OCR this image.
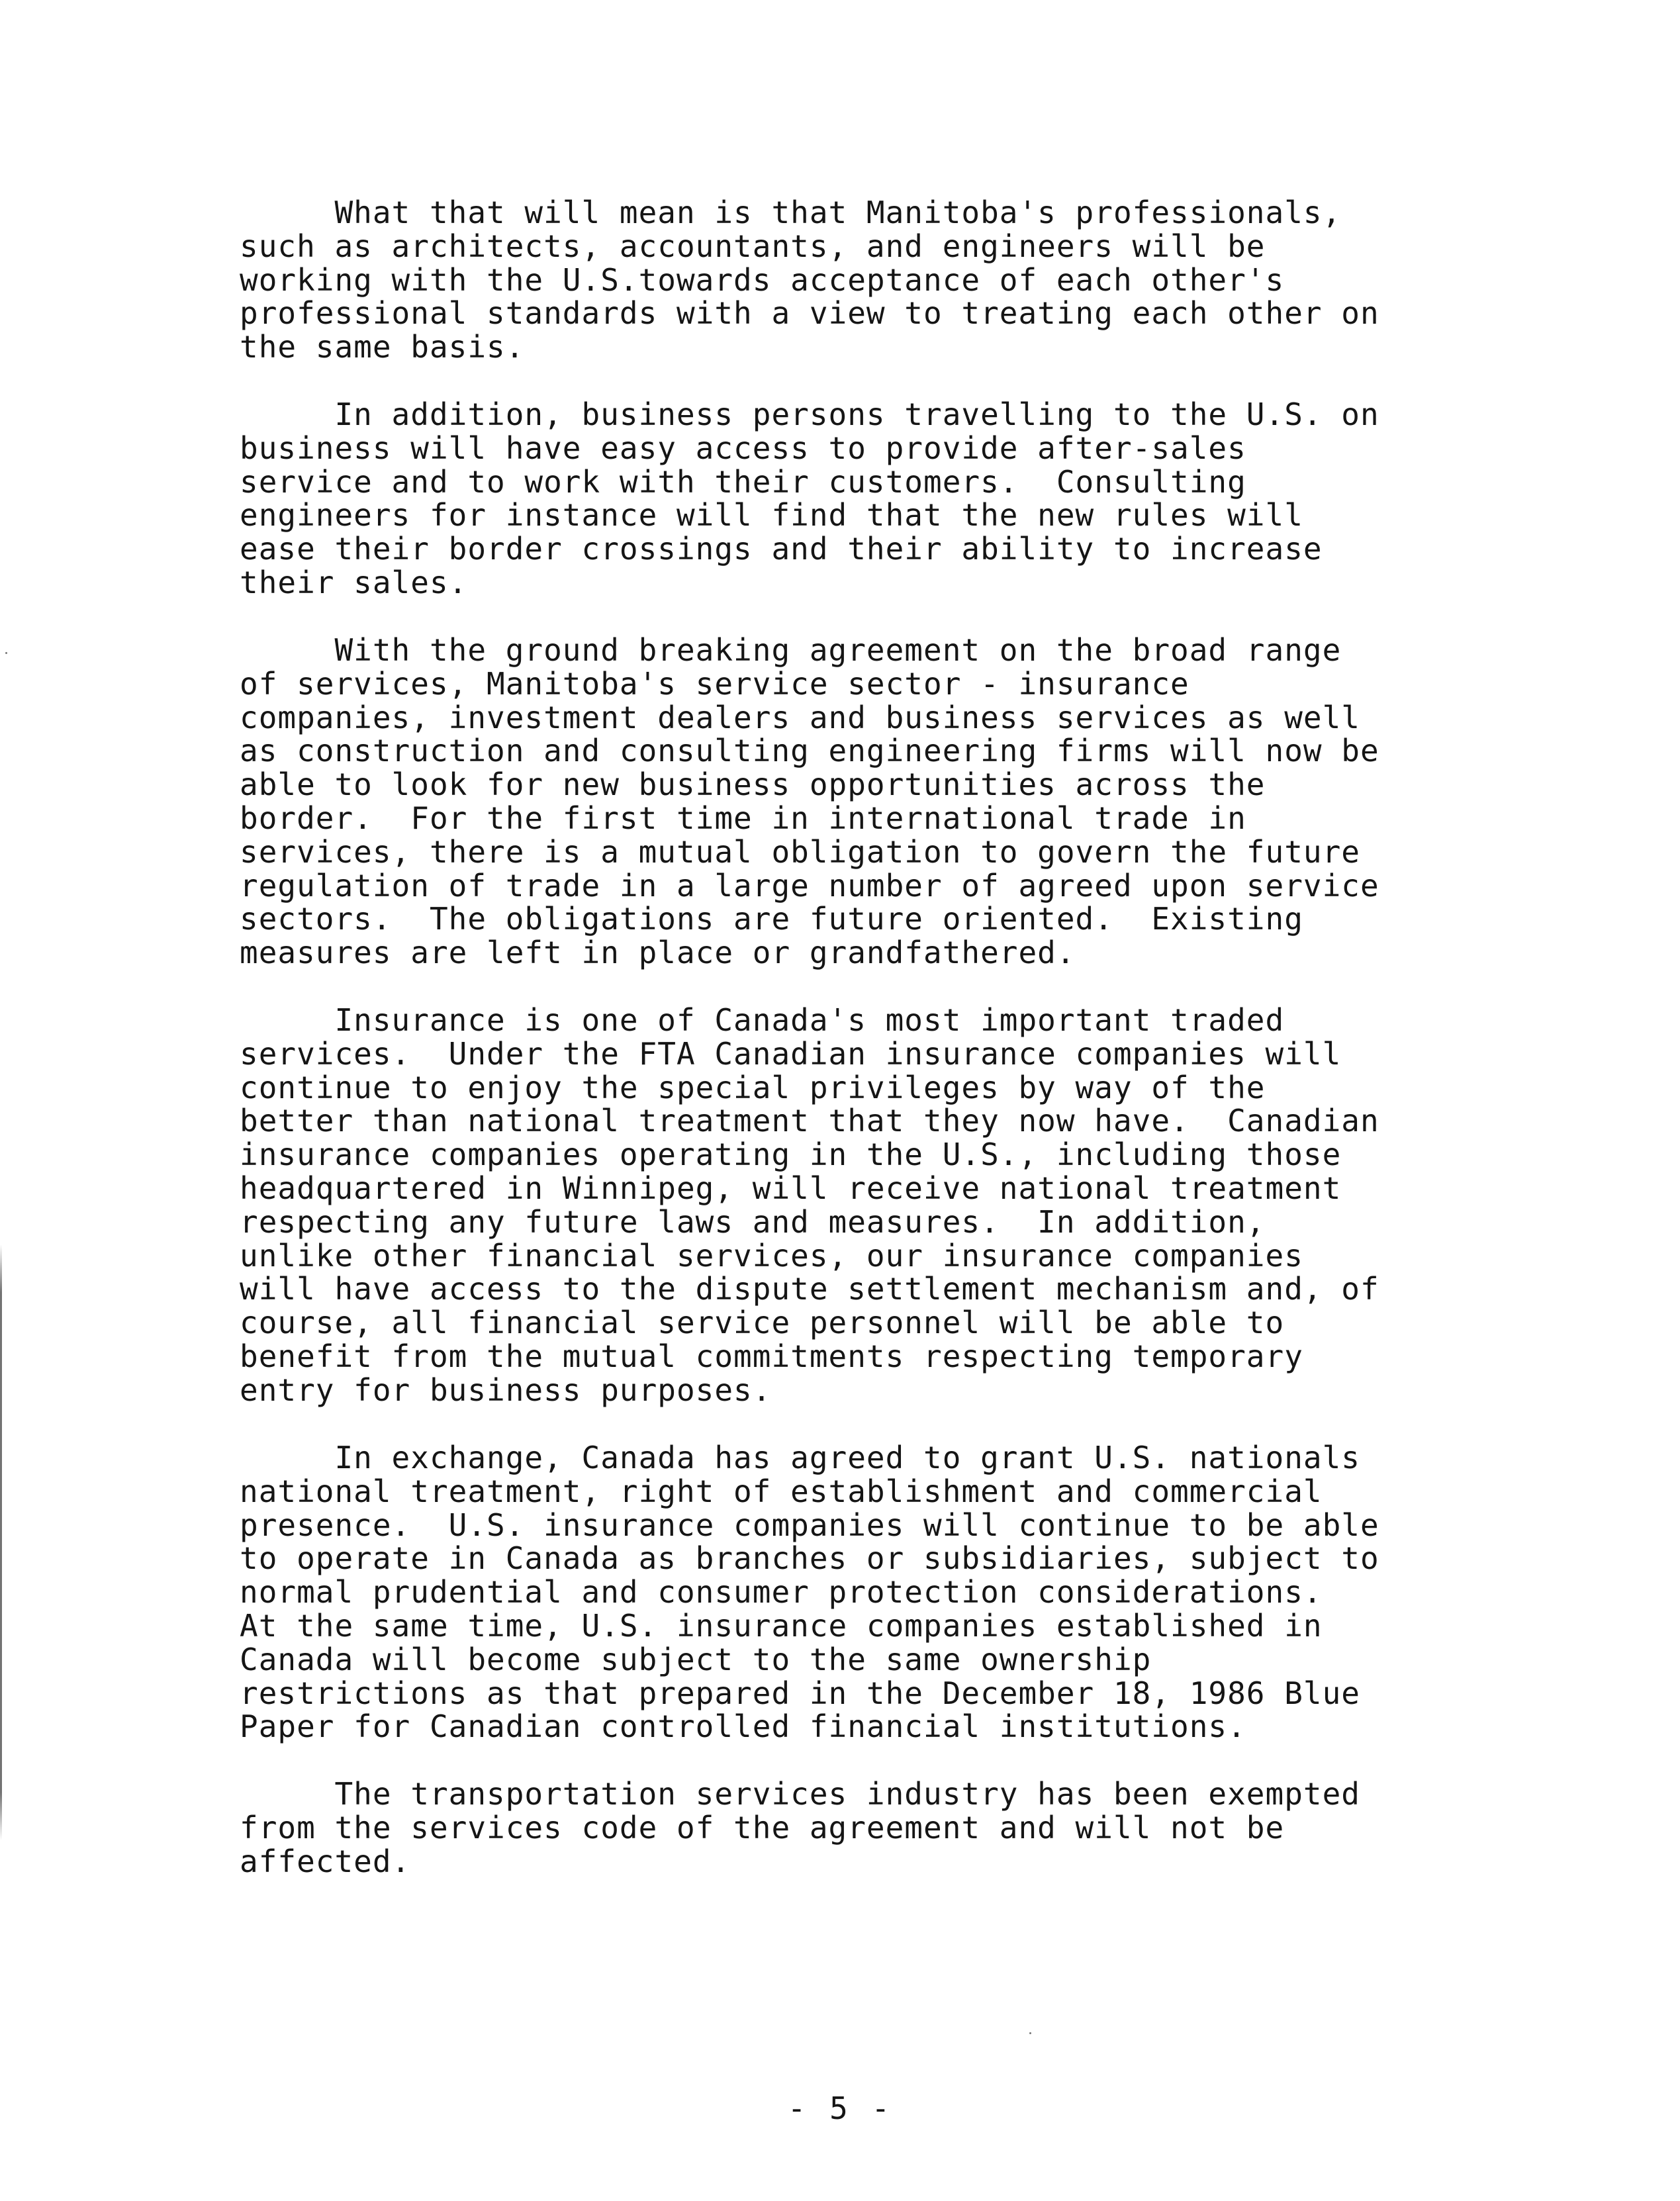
What that will mean is that Manitoba's professionals,
such as architects, accountants, and engineers will be
working with the U.S.towards acceptance of each other's
professional standards with a view to treating each other on
the same basis.
In addition, business persons travelling to the U.S. on
business will have easy access to provide after-sales
service and to work with their customers.  Consulting
engineers for instance will find that the new rules will
ease their border crossings and their ability to increase
their sales.
With the ground breaking agreement on the broad range
of services, Manitoba's service sector - insurance
companies, investment dealers and business services as well
as construction and consulting engineering firms will now be
able to look for new business opportunities across the
border.  For the first time in international trade in
services, there is a mutual obligation to govern the future
regulation of trade in a large number of agreed upon service
sectors.  The obligations are future oriented.  Existing
measures are left in place or grandfathered.
Insurance is one of Canada's most important traded
services.  Under the FTA Canadian insurance companies will
continue to enjoy the special privileges by way of the
better than national treatment that they now have.  Canadian
insurance companies operating in the U.S., including those
headquartered in Winnipeg, will receive national treatment
respecting any future laws and measures.  In addition,
unlike other financial services, our insurance companies
will have access to the dispute settlement mechanism and, of
course, all financial service personnel will be able to
benefit from the mutual commitments respecting temporary
entry for business purposes.
In exchange, Canada has agreed to grant U.S. nationals
national treatment, right of establishment and commercial
presence.  U.S. insurance companies will continue to be able
to operate in Canada as branches or subsidiaries, subject to
normal prudential and consumer protection considerations.
At the same time, U.S. insurance companies established in
Canada will become subject to the same ownership
restrictions as that prepared in the December 18, 1986 Blue
Paper for Canadian controlled financial institutions.
The transportation services industry has been exempted
from the services code of the agreement and will not be
affected.
- 5 -
